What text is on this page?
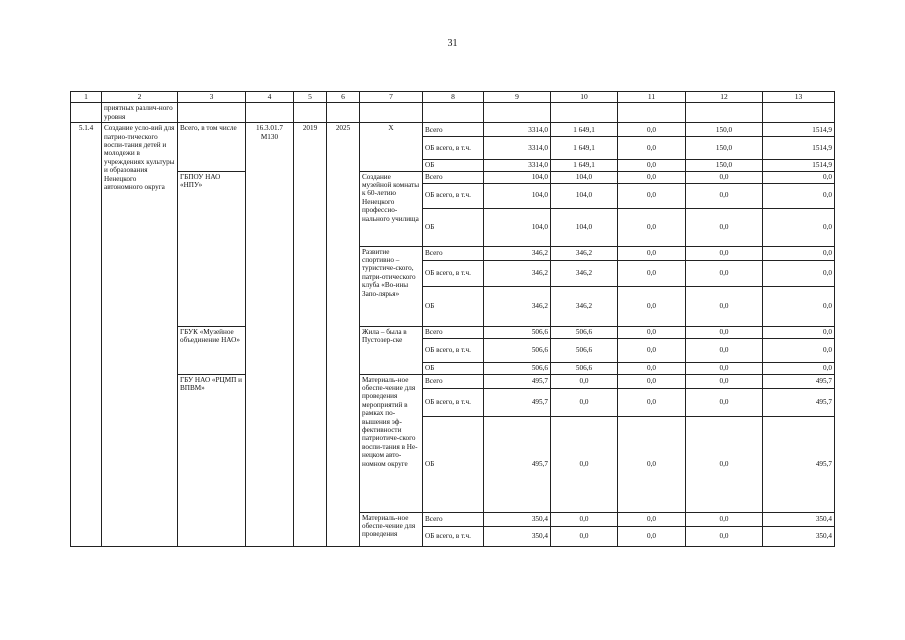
31
1	2	3	4	5	6	7	8	9	10	11	12	13
	приятных различ-ного уровня											
5.1.4	Создание усло-вий для патрио-тического воспи-тания детей и молодежи в учреждениях культуры и образования Ненецкого автономного округа	Всего, в том числе	16.3.01.7 M130	2019	2025	X	Всего	3314,0	1 649,1	0,0	150,0	1514,9
							ОБ всего, в т.ч.	3314,0	1 649,1	0,0	150,0	1514,9
							ОБ	3314,0	1 649,1	0,0	150,0	1514,9
		ГБПОУ НАО «НПУ»				Создание музейной комнаты к 60-летию Ненецкого профессио-нального училища	Всего	104,0	104,0	0,0	0,0	0,0
							ОБ всего, в т.ч.	104,0	104,0	0,0	0,0	0,0
							ОБ	104,0	104,0	0,0	0,0	0,0
						Развитие спортивно – туристиче-ского, патри-отического клуба «Во-ины Запо-лярья»	Всего	346,2	346,2	0,0	0,0	0,0
							ОБ всего, в т.ч.	346,2	346,2	0,0	0,0	0,0
							ОБ	346,2	346,2	0,0	0,0	0,0
		ГБУК «Музейное объединение НАО»				Жила – была в Пустозер-ске	Всего	506,6	506,6	0,0	0,0	0,0
							ОБ всего, в т.ч.	506,6	506,6	0,0	0,0	0,0
							ОБ	506,6	506,6	0,0	0,0	0,0
		ГБУ НАО «РЦМП и ВПВМ»				Материаль-ное обеспе-чение для проведения мероприятий в рамках по-вышения эф-фективности патриотиче-ского воспи-тания в Не-нецком авто-номном округе	Всего	495,7	0,0	0,0	0,0	495,7
							ОБ всего, в т.ч.	495,7	0,0	0,0	0,0	495,7
							ОБ	495,7	0,0	0,0	0,0	495,7
						Материаль-ное обеспе-чение для проведения	Всего	350,4	0,0	0,0	0,0	350,4
							ОБ всего, в т.ч.	350,4	0,0	0,0	0,0	350,4
